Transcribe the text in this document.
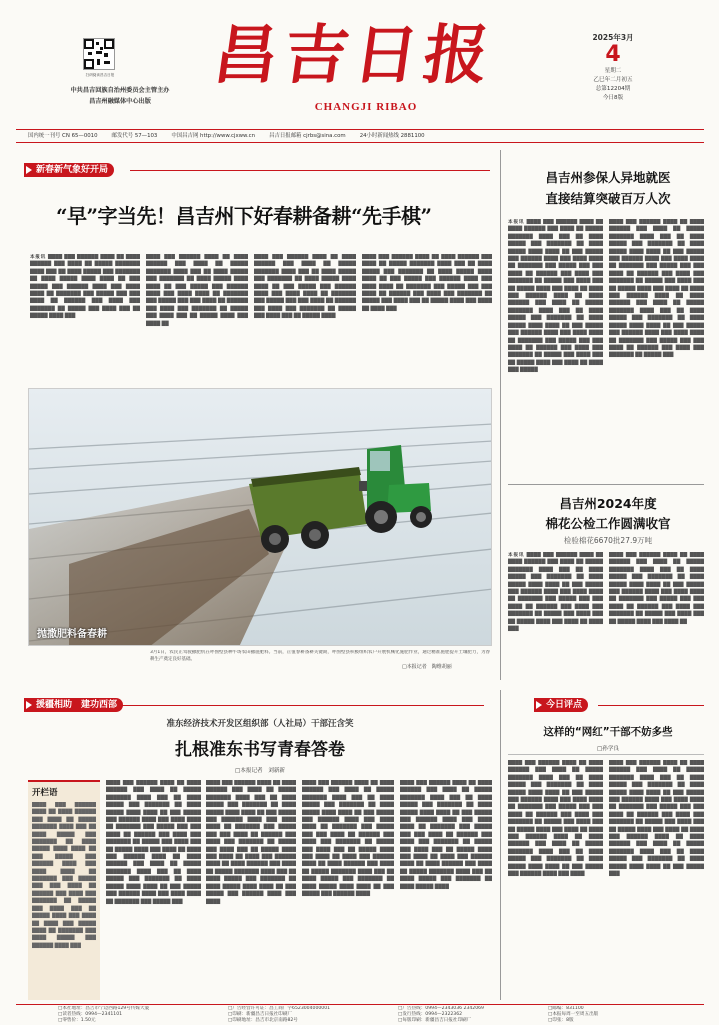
扫码阅读昌吉日报
中共昌吉回族自治州委员会主管主办
昌吉州融媒体中心出版
昌吉日报
CHANGJI RIBAO
2025年3月
4
星期二
乙巳年二月初五
总第12204期
今日8版
国内统一刊号 CN 65—0010	邮发代号 57—103	中国昌吉网 http://www.cjxww.cn	昌吉日报邮箱 cjrbs@sina.com	24小时新闻热线 2881100
新春新气象好开局
“早”字当先！昌吉州下好春耕备耕“先手棋”
本报讯 ████ ███ ██████ ████ ██ ████ ██████ ███ ████ ██ █████ ███████ ████ ███ ██ ████ █████ ███ ███████ ██ ████ █████ ████ ████ ██ ███ █████ ███ ██████ ████ ███ ████ ████ ██ ███████ ███ █████ ███ ███ ████ ██ ██████ ███ ████ ███ ███████ ██ █████ ███ ████ ███ ██ █████ ████ ███
████ ███ ██████ ████ ██ ████ ██████ ███ ████ ██ █████ ███████ ████ ███ ██ ████ █████ ███ ███████ ██ ████ █████ ████ ████ ██ ███ █████ ███ ██████ ████ ███ ████ ████ ██ ███████ ███ █████ ███ ███ ████ ██ ██████ ███ ████ ███ ███████ ██ █████ ███ ████ ███ ██ █████ ████ ███ ████ ██
████ ███ ██████ ████ ██ ████ ██████ ███ ████ ██ █████ ███████ ████ ███ ██ ████ █████ ███ ███████ ██ ████ █████ ████ ████ ██ ███ █████ ███ ██████ ████ ███ ████ ████ ██ ███████ ███ █████ ███ ███ ████ ██ ██████ ███ ████ ███ ███████ ██ █████ ███ ████ ███ ██ █████ ████
████ ███ ██████ ████ ██ ████ ██████ ███ ████ ██ █████ ███████ ████ ███ ██ ████ █████ ███ ███████ ██ ████ █████ ████ ████ ██ ███ █████ ███ ██████ ████ ███ ████ ████ ██ ███████ ███ █████ ███ ███ ████ ██ ██████ ███ ████ ███ ███████ ██ █████ ███ ████ ███ ██ █████ ████ ███ ████ ██ ████ ███
抛撒肥料备春耕
3月1日，农民正驾驶撒肥机在呼图壁县种牛场农田撒施肥料。当前，正值春耕备耕关键期，呼图壁县积极组织农户开展机械化施肥作业，通过精准施肥提升土壤肥力，为春耕生产奠定良好基础。
□本报记者　陶维胡丽
昌吉州参保人异地就医
直接结算突破百万人次
本报讯 ████ ███ ██████ ████ ██ ████ ██████ ███ ████ ██ █████ ███████ ████ ███ ██ ████ █████ ███ ███████ ██ ████ █████ ████ ████ ██ ███ █████ ███ ██████ ████ ███ ████ ████ ██ ███████ ███ █████ ███ ███ ████ ██ ██████ ███ ████ ███ ███████ ██ █████ ███ ████ ███ ██ █████ ████ ███ ████ ██ ████ ███ ██████ ████ ██ ████ ██████ ███ ████ ██ █████ ███████ ████ ███ ██ ████ █████ ███ ███████ ██ ████ █████ ████ ████ ██ ███ █████ ███ ██████ ████ ███ ████ ████ ██ ███████ ███ █████ ███ ███ ████ ██ ██████ ███ ████ ███ ███████ ██ █████ ███ ████ ███ ██ █████ ████ ███ ████ ██ ████ ███ █████
████ ███ ██████ ████ ██ ████ ██████ ███ ████ ██ █████ ███████ ████ ███ ██ ████ █████ ███ ███████ ██ ████ █████ ████ ████ ██ ███ █████ ███ ██████ ████ ███ ████ ████ ██ ███████ ███ █████ ███ ███ ████ ██ ██████ ███ ████ ███ ███████ ██ █████ ███ ████ ███ ██ █████ ████ ███ ████ ██ ████ ███ ██████ ████ ██ ████ ██████ ███ ████ ██ █████ ███████ ████ ███ ██ ████ █████ ███ ███████ ██ ████ █████ ████ ████ ██ ███ █████ ███ ██████ ████ ███ ████ ████ ██ ███████ ███ █████ ███ ███ ████ ██ ██████ ███ ████ ███ ███████ ██ █████ ███
昌吉州2024年度
棉花公检工作圆满收官
检验棉花6670批27.9万吨
本报讯 ████ ███ ██████ ████ ██ ████ ██████ ███ ████ ██ █████ ███████ ████ ███ ██ ████ █████ ███ ███████ ██ ████ █████ ████ ████ ██ ███ █████ ███ ██████ ████ ███ ████ ████ ██ ███████ ███ █████ ███ ███ ████ ██ ██████ ███ ████ ███ ███████ ██ █████ ███ ████ ███ ██ █████ ████ ███ ████ ██ ████ ███
████ ███ ██████ ████ ██ ████ ██████ ███ ████ ██ █████ ███████ ████ ███ ██ ████ █████ ███ ███████ ██ ████ █████ ████ ████ ██ ███ █████ ███ ██████ ████ ███ ████ ████ ██ ███████ ███ █████ ███ ███ ████ ██ ██████ ███ ████ ███ ███████ ██ █████ ███ ████ ███ ██ █████ ████ ███ ████ ██
援疆相助　建功西部
准东经济技术开发区组织部（人社局）干部汪含笑
扎根准东书写青春答卷
□本报记者　刘新新
开栏语
████ ███ ██████ ████ ██ ████ ██████ ███ ████ ██ █████ ███████ ████ ███ ██ ████ █████ ███ ███████ ██ ████ █████ ████ ████ ██ ███ █████ ███ ██████ ████ ███ ████ ████ ██ ███████ ███ █████ ███ ███ ████ ██ ██████ ███ ████ ███ ███████ ██ █████ ███ ████ ███ ██ █████ ████ ███ ████ ██ ████ ███ █████ ████ ██ ███████ ███ ████ █████ ███ ██████ ████ ███
████ ███ ██████ ████ ██ ████ ██████ ███ ████ ██ █████ ███████ ████ ███ ██ ████ █████ ███ ███████ ██ ████ █████ ████ ████ ██ ███ █████ ███ ██████ ████ ███ ████ ████ ██ ███████ ███ █████ ███ ███ ████ ██ ██████ ███ ████ ███ ███████ ██ █████ ███ ████ ███ ██ █████ ████ ███ ████ ██ ████ ███ ██████ ████ ██ ████ ██████ ███ ████ ██ █████ ███████ ████ ███ ██ ████ █████ ███ ███████ ██ ████ █████ ████ ████ ██ ███ █████ ███ ██████ ████ ███ ████ ████ ██ ███████ ███ █████ ███
████ ███ ██████ ████ ██ ████ ██████ ███ ████ ██ █████ ███████ ████ ███ ██ ████ █████ ███ ███████ ██ ████ █████ ████ ████ ██ ███ █████ ███ ██████ ████ ███ ████ ████ ██ ███████ ███ █████ ███ ███ ████ ██ ██████ ███ ████ ███ ███████ ██ █████ ███ ████ ███ ██ █████ ████ ███ ████ ██ ████ ███ ██████ ████ ██ ████ ██████ ███ ████ ██ █████ ███████ ████ ███ ██ ████ █████ ███ ███████ ██ ████ █████ ████ ████ ██ ███ █████ ███ ██████ ████ ███ ████
████ ███ ██████ ████ ██ ████ ██████ ███ ████ ██ █████ ███████ ████ ███ ██ ████ █████ ███ ███████ ██ ████ █████ ████ ████ ██ ███ █████ ███ ██████ ████ ███ ████ ████ ██ ███████ ███ █████ ███ ███ ████ ██ ██████ ███ ████ ███ ███████ ██ █████ ███ ████ ███ ██ █████ ████ ███ ████ ██ ████ ███ ██████ ████ ██ ████ ██████ ███ ████ ██ █████ ███████ ████ ███ ██ ████ █████ ███ ███████ ██ ████ █████ ████ ████ ██ ███ █████ ███ ██████ ████
████ ███ ██████ ████ ██ ████ ██████ ███ ████ ██ █████ ███████ ████ ███ ██ ████ █████ ███ ███████ ██ ████ █████ ████ ████ ██ ███ █████ ███ ██████ ████ ███ ████ ████ ██ ███████ ███ █████ ███ ███ ████ ██ ██████ ███ ████ ███ ███████ ██ █████ ███ ████ ███ ██ █████ ████ ███ ████ ██ ████ ███ ██████ ████ ██ ████ ██████ ███ ████ ██ █████ ███████ ████ ███ ██ ████ █████ ███ ███████ ██ ████ █████ ████
今日评点
这样的“网红”干部不妨多些
□孙学良
████ ███ ██████ ████ ██ ████ ██████ ███ ████ ██ █████ ███████ ████ ███ ██ ████ █████ ███ ███████ ██ ████ █████ ████ ████ ██ ███ █████ ███ ██████ ████ ███ ████ ████ ██ ███████ ███ █████ ███ ███ ████ ██ ██████ ███ ████ ███ ███████ ██ █████ ███ ████ ███ ██ █████ ████ ███ ████ ██ ████ ███ ██████ ████ ██ ████ ██████ ███ ████ ██ █████ ███████ ████ ███ ██ ████ █████ ███ ███████ ██ ████ █████ ████ ████ ██ ███ █████ ███ ██████ ████ ███ ████
████ ███ ██████ ████ ██ ████ ██████ ███ ████ ██ █████ ███████ ████ ███ ██ ████ █████ ███ ███████ ██ ████ █████ ████ ████ ██ ███ █████ ███ ██████ ████ ███ ████ ████ ██ ███████ ███ █████ ███ ███ ████ ██ ██████ ███ ████ ███ ███████ ██ █████ ███ ████ ███ ██ █████ ████ ███ ████ ██ ████ ███ ██████ ████ ██ ████ ██████ ███ ████ ██ █████ ███████ ████ ███ ██ ████ █████ ███ ███████ ██ ████ █████ ████ ████ ██ ███ █████ ███
□本社地址：昌吉市宁边西路129号传媒大厦	□广告经营许可证：昌工商广字6523004000001	□广告热线：0994—2343036 2342069	□邮编：831100
□读者热线：0994—2341101	□印刷：新疆昌吉日报社印刷厂	□发行热线：0994—2322362	□本报每周一至周五出版
□零售价：1.50元	□印刷地址：昌吉市北京南路82号	□每版印刷：新疆昌吉日报社印刷厂	□印张：8版
